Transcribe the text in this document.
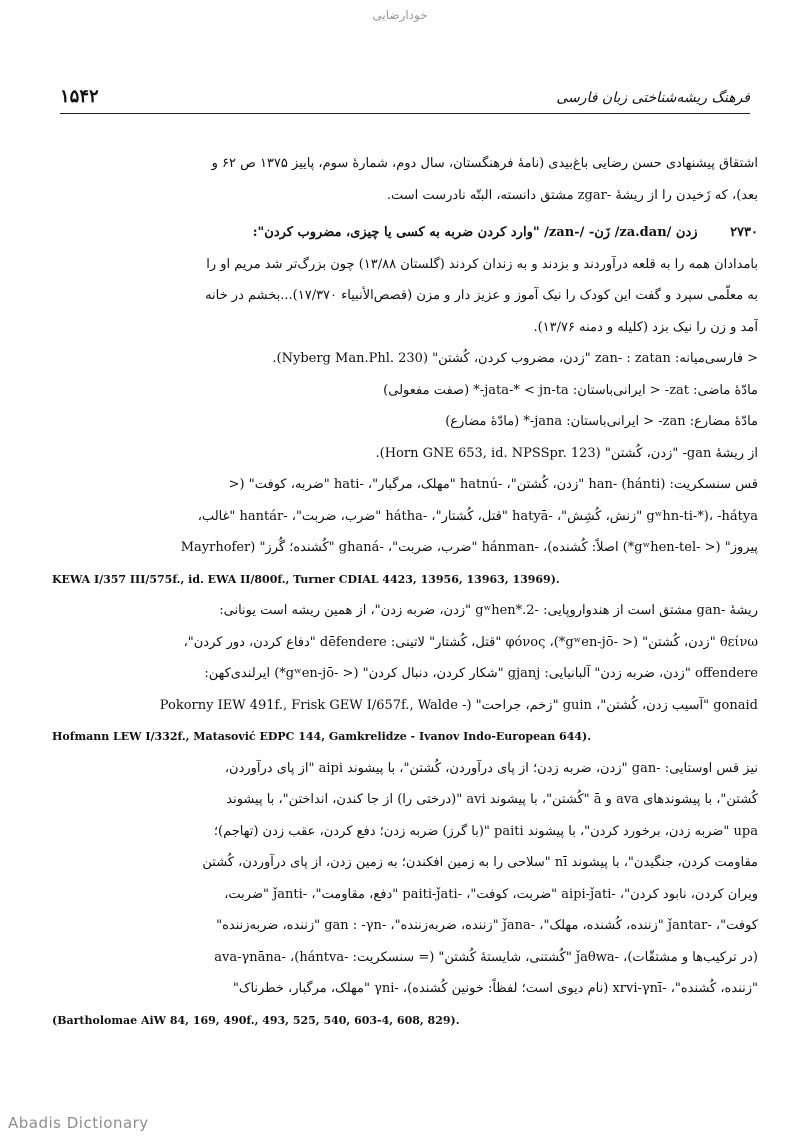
خودارضایی
۱۵۴۲	فرهنگ ریشه‌شناختی زبان فارسی
اشتقاق پیشنهادی حسن رضایی باغ‌بیدی (نامهٔ فرهنگستان، سال دوم، شمارهٔ سوم، پاییز ۱۳۷۵ ص ۶۲ و
بعد)، که زَخیدن را از ریشهٔ -zgar مشتق دانسته، البتّه نادرست است.
۲۷۳۰ زدن /za.dan/ زَن- /-zan/ "وارد کردن ضربه به کسی یا چیزی، مضروب کردن":
بامدادان همه را به قلعه درآوردند و بزدند و به زندان کردند (گلستان ۱۳/۸۸) چون بزرگ‌تر شد مریم او را
به معلّمی سپرد و گفت این کودک را نیک آموز و عزیز دار و مزن (قصص‌الأنبیاء ۱۷/۳۷۰)...بخشم در خانه
آمد و زن را نیک بزد (کلیله و دمنه ۱۳/۷۶).
< فارسی‌میانه: zan- : zatan "زدن، مضروب کردن، کُشتن" (Nyberg Man.Phl. 230).
مادّهٔ ماضی: zat- < ایرانی‌باستان: jata-* < jn-ta-* (صفت مفعولی)
مادّهٔ مضارع: zan- < ایرانی‌باستان: jana-* (مادّهٔ مضارع)
از ریشهٔ gan- "زدن، کُشتن" (Horn GNE 653, id. NPSSpr. 123).
قس سنسکریت: han- (hánti) "زدن، کُشتن"، -hatnú "مهلک، مرگبار"، -hati "ضربه، کوفت" (<
gʷhn-ti-*)، -hátya "زنش، کُشِش"، -hatyā "قتل، کُشتار"، -hátha "ضرب، ضربت"، -hantár "غالب،
پیروز" (< -gʷhen-tel*) اصلاً: کُشنده)، -hánman "ضرب، ضربت"، -ghaná "کُشنده؛ گُرز" (Mayrhofer
KEWA I/357 III/575f., id. EWA II/800f., Turner CDIAL 4423, 13956, 13963, 13969).
ریشهٔ -gan مشتق است از هندواروپایی: -gʷhen*.2 "زدن، ضربه زدن"، از همین ریشه است یونانی:
θείνω "زدن، کُشتن" (< -gʷen-jō*)، φόνος "قتل، کُشتار" لاتینی: dēfendere "دفاع کردن، دور کردن"،
offendere "زدن، ضربه زدن" آلبانیایی: gjanj "شکار کردن، دنبال کردن" (< -gʷen-jō*) ایرلندی‌کهن:
gonaid "آسیب زدن، کُشتن"، guin "زخم، جراحت" (- Pokorny IEW 491f., Frisk GEW I/657f., Walde
Hofmann LEW I/332f., Matasović EDPC 144, Gamkrelidze - Ivanov Indo-European 644).
نیز قس اوستایی: -gan "زدن، ضربه زدن؛ از پای درآوردن، کُشتن"، با پیشوند aipi "از پای درآوردن،
کُشتن"، با پیشوندهای ava و ā "کُشتن"، با پیشوند avi "(درختی را) از جا کندن، انداختن"، با پیشوند
upa "ضربه زدن، برخورد کردن"، با پیشوند paiti "(با گرز) ضربه زدن؛ دفع کردن، عقب زدن (تهاجم)؛
مقاومت کردن، جنگیدن"، با پیشوند nī "سلاحی را به زمین افکندن؛ به زمین زدن، از پای درآوردن، کُشتن
ویران کردن، نابود کردن"، -aipi-ǰati "ضربت، کوفت"، -paiti-ǰati "دفع، مقاومت"، -ǰanti "ضربت،
کوفت"، -ǰantar "زننده، کُشنده، مهلک"، -ǰana "زننده، ضربه‌زننده"، -gan : -γn "زننده، ضربه‌زننده"
(در ترکیب‌ها و مشتقّات)، -ǰaθwa "کُشتنی، شایستهٔ کُشتن" (= سنسکریت: -hántva)، -ava-γnāna
"زننده، کُشنده"، -xrvi-γnī (نام دیوی است؛ لفظاً: خونین کُشنده)، -γni "مهلک، مرگبار، خطرناک"
(Bartholomae AiW 84, 169, 490f., 493, 525, 540, 603-4, 608, 829).
Abadis Dictionary
